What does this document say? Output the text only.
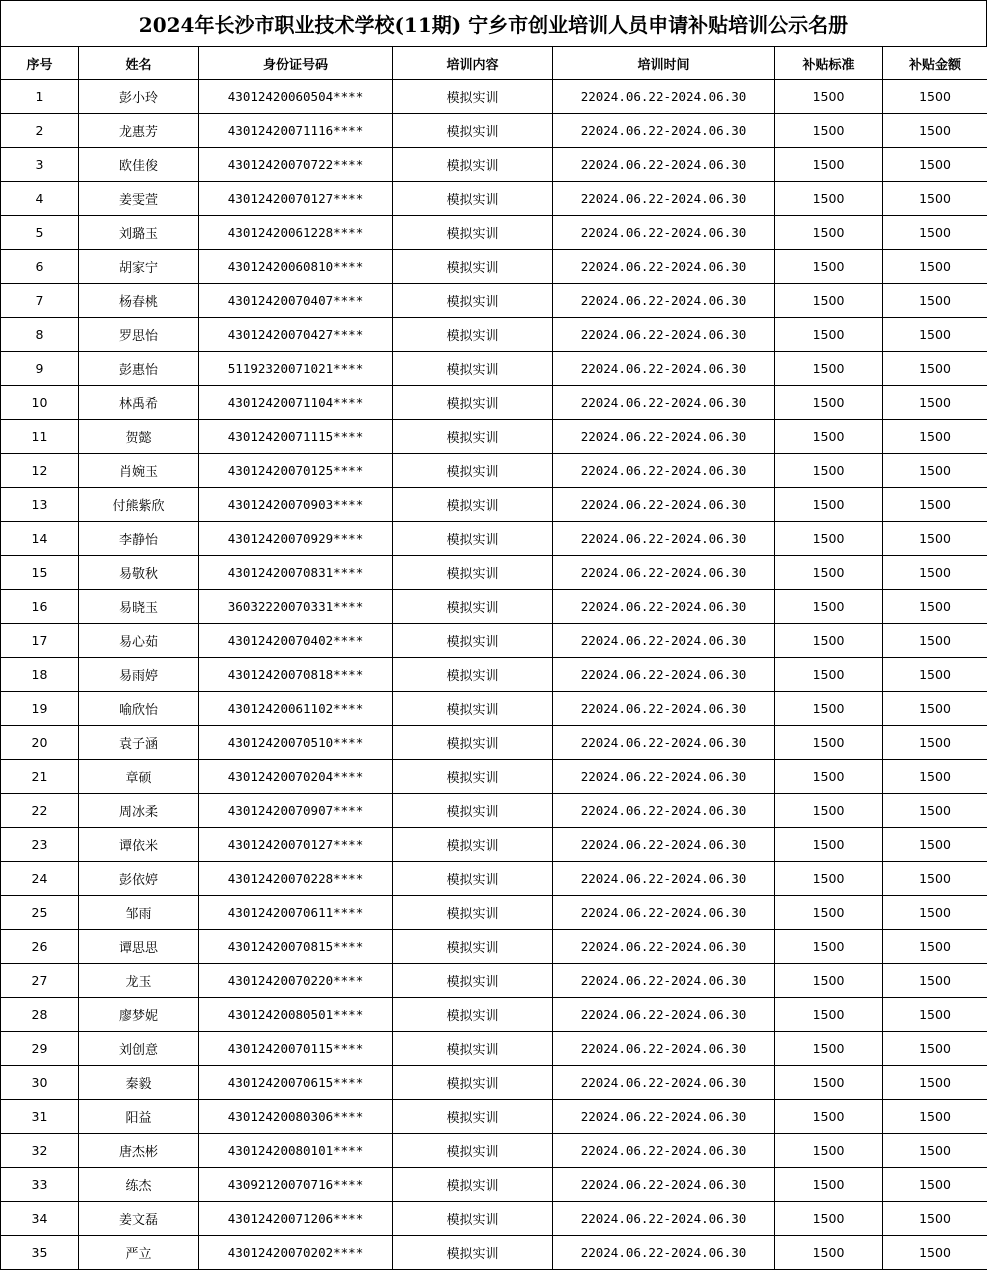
2024年长沙市职业技术学校(11期) 宁乡市创业培训人员申请补贴培训公示名册
序号	姓名	身份证号码	培训内容	培训时间	补贴标准	补贴金额
1	彭小玲	43012420060504****	模拟实训	22024.06.22-2024.06.30	1500	1500
2	龙惠芳	43012420071116****	模拟实训	22024.06.22-2024.06.30	1500	1500
3	欧佳俊	43012420070722****	模拟实训	22024.06.22-2024.06.30	1500	1500
4	姜雯萱	43012420070127****	模拟实训	22024.06.22-2024.06.30	1500	1500
5	刘璐玉	43012420061228****	模拟实训	22024.06.22-2024.06.30	1500	1500
6	胡家宁	43012420060810****	模拟实训	22024.06.22-2024.06.30	1500	1500
7	杨春桃	43012420070407****	模拟实训	22024.06.22-2024.06.30	1500	1500
8	罗思怡	43012420070427****	模拟实训	22024.06.22-2024.06.30	1500	1500
9	彭惠怡	51192320071021****	模拟实训	22024.06.22-2024.06.30	1500	1500
10	林禹希	43012420071104****	模拟实训	22024.06.22-2024.06.30	1500	1500
11	贺懿	43012420071115****	模拟实训	22024.06.22-2024.06.30	1500	1500
12	肖婉玉	43012420070125****	模拟实训	22024.06.22-2024.06.30	1500	1500
13	付熊紫欣	43012420070903****	模拟实训	22024.06.22-2024.06.30	1500	1500
14	李静怡	43012420070929****	模拟实训	22024.06.22-2024.06.30	1500	1500
15	易敬秋	43012420070831****	模拟实训	22024.06.22-2024.06.30	1500	1500
16	易晓玉	36032220070331****	模拟实训	22024.06.22-2024.06.30	1500	1500
17	易心茹	43012420070402****	模拟实训	22024.06.22-2024.06.30	1500	1500
18	易雨婷	43012420070818****	模拟实训	22024.06.22-2024.06.30	1500	1500
19	喻欣怡	43012420061102****	模拟实训	22024.06.22-2024.06.30	1500	1500
20	袁子涵	43012420070510****	模拟实训	22024.06.22-2024.06.30	1500	1500
21	章硕	43012420070204****	模拟实训	22024.06.22-2024.06.30	1500	1500
22	周冰柔	43012420070907****	模拟实训	22024.06.22-2024.06.30	1500	1500
23	谭依米	43012420070127****	模拟实训	22024.06.22-2024.06.30	1500	1500
24	彭依婷	43012420070228****	模拟实训	22024.06.22-2024.06.30	1500	1500
25	邹雨	43012420070611****	模拟实训	22024.06.22-2024.06.30	1500	1500
26	谭思思	43012420070815****	模拟实训	22024.06.22-2024.06.30	1500	1500
27	龙玉	43012420070220****	模拟实训	22024.06.22-2024.06.30	1500	1500
28	廖梦妮	43012420080501****	模拟实训	22024.06.22-2024.06.30	1500	1500
29	刘创意	43012420070115****	模拟实训	22024.06.22-2024.06.30	1500	1500
30	秦毅	43012420070615****	模拟实训	22024.06.22-2024.06.30	1500	1500
31	阳益	43012420080306****	模拟实训	22024.06.22-2024.06.30	1500	1500
32	唐杰彬	43012420080101****	模拟实训	22024.06.22-2024.06.30	1500	1500
33	练杰	43092120070716****	模拟实训	22024.06.22-2024.06.30	1500	1500
34	姜文磊	43012420071206****	模拟实训	22024.06.22-2024.06.30	1500	1500
35	严立	43012420070202****	模拟实训	22024.06.22-2024.06.30	1500	1500
